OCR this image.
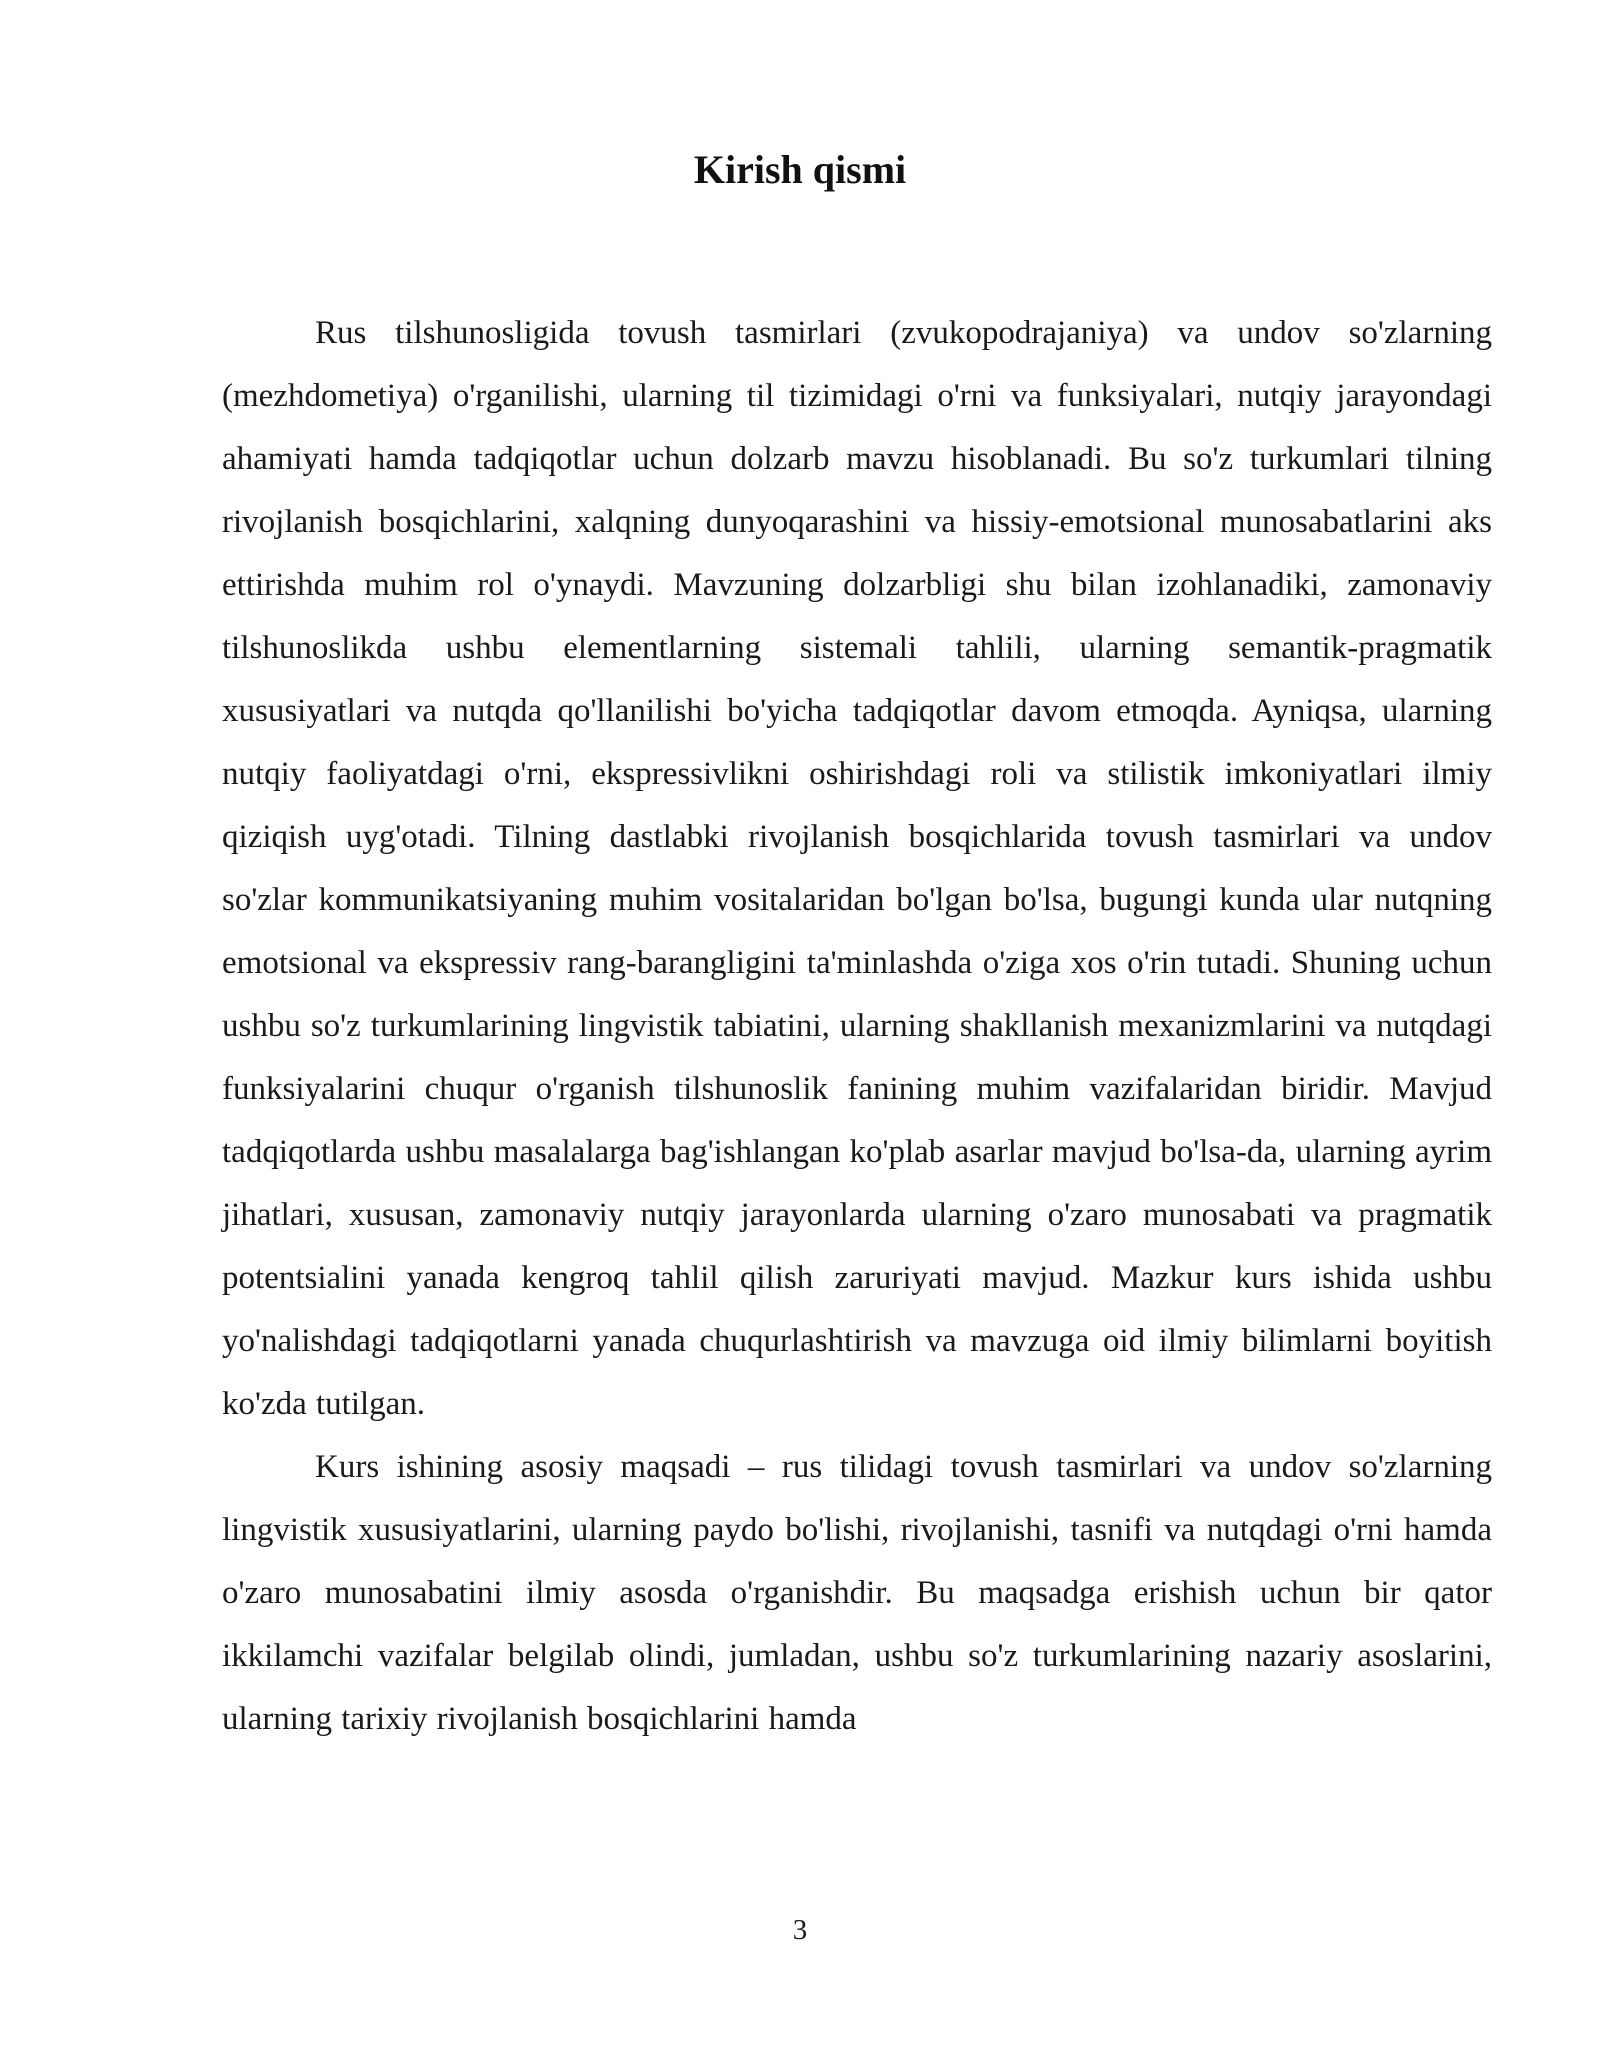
Kirish qismi

Rus tilshunosligida tovush tasmirlari (zvukopodrajaniya) va undov so'zlarning (mezhdometiya) o'rganilishi, ularning til tizimidagi o'rni va funksiyalari, nutqiy jarayondagi ahamiyati hamda tadqiqotlar uchun dolzarb mavzu hisoblanadi. Bu so'z turkumlari tilning rivojlanish bosqichlarini, xalqning dunyoqarashini va hissiy-emotsional munosabatlarini aks ettirishda muhim rol o'ynaydi. Mavzuning dolzarbligi shu bilan izohlanadiki, zamonaviy tilshunoslikda ushbu elementlarning sistemali tahlili, ularning semantik-pragmatik xususiyatlari va nutqda qo'llanilishi bo'yicha tadqiqotlar davom etmoqda. Ayniqsa, ularning nutqiy faoliyatdagi o'rni, ekspressivlikni oshirishdagi roli va stilistik imkoniyatlari ilmiy qiziqish uyg'otadi. Tilning dastlabki rivojlanish bosqichlarida tovush tasmirlari va undov so'zlar kommunikatsiyaning muhim vositalaridan bo'lgan bo'lsa, bugungi kunda ular nutqning emotsional va ekspressiv rang-barangligini ta'minlashda o'ziga xos o'rin tutadi. Shuning uchun ushbu so'z turkumlarining lingvistik tabiatini, ularning shakllanish mexanizmlarini va nutqdagi funksiyalarini chuqur o'rganish tilshunoslik fanining muhim vazifalaridan biridir. Mavjud tadqiqotlarda ushbu masalalarga bag'ishlangan ko'plab asarlar mavjud bo'lsa-da, ularning ayrim jihatlari, xususan, zamonaviy nutqiy jarayonlarda ularning o'zaro munosabati va pragmatik potentsialini yanada kengroq tahlil qilish zaruriyati mavjud. Mazkur kurs ishida ushbu yo'nalishdagi tadqiqotlarni yanada chuqurlashtirish va mavzuga oid ilmiy bilimlarni boyitish ko'zda tutilgan.

Kurs ishining asosiy maqsadi – rus tilidagi tovush tasmirlari va undov so'zlarning lingvistik xususiyatlarini, ularning paydo bo'lishi, rivojlanishi, tasnifi va nutqdagi o'rni hamda o'zaro munosabatini ilmiy asosda o'rganishdir. Bu maqsadga erishish uchun bir qator ikkilamchi vazifalar belgilab olindi, jumladan, ushbu so'z turkumlarining nazariy asoslarini, ularning tarixiy rivojlanish bosqichlarini hamda

3
